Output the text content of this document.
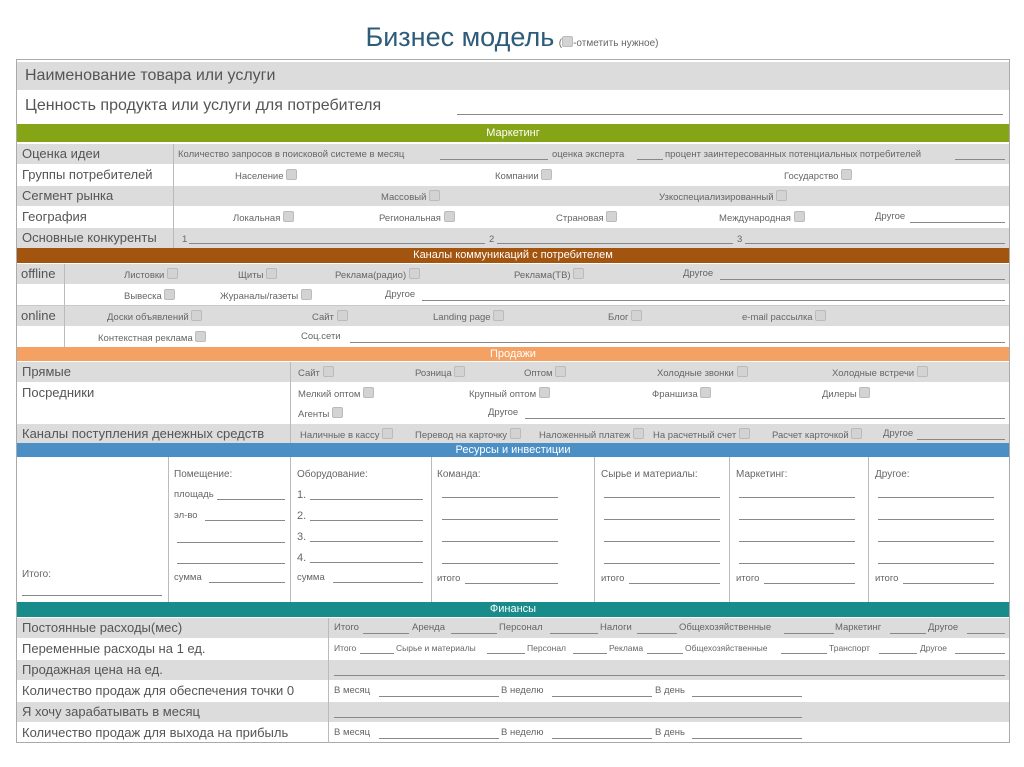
Бизнес модель ( -отметить нужное)
Наименование товара или услуги
Ценность продукта или услуги для потребителя
Маркетинг
Оценка идеи	Количество запросов в поисковой системе в месяц	оценка эксперта	процент заинтересованных потенциальных потребителей
Группы потребителей	Население	Компании	Государство
Сегмент рынка	Массовый	Узкоспециализированный
География	Локальная	Региональная	Страновая	Международная	Другое
Основные конкуренты	1	2	3
Каналы коммуникаций с потребителем
offline	Листовки	Щиты	Реклама(радио)	Реклама(ТВ)	Другое
Вывеска	Жураналы/газеты	Другое
online	Доски объявлений	Сайт	Landing page	Блог	e-mail рассылка
Контекстная реклама	Соц.сети
Продажи
Прямые	Сайт	Розница	Оптом	Холодные звонки	Холодные встречи
Посредники	Мелкий оптом	Крупный оптом	Франшиза	Дилеры
Агенты	Другое
Каналы поступления денежных средств	Наличные в кассу	Перевод на карточку	Наложенный платеж	На расчетный счет	Расчет карточкой	Другое
Ресурсы и инвестиции
Итого:
Помещение:
площадь
эл-во
сумма
Оборудование:
1.
2.
3.
4.
сумма
Команда:
итого
Сырье и материалы:
итого
Маркетинг:
итого
Другое:
итого
Финансы
Постоянные расходы(мес)	Итого	Аренда	Персонал	Налоги	Общехозяйственные	Маркетинг	Другое
Переменные расходы на 1 ед.	Итого	Сырье и материалы	Персонал	Реклама	Общехозяйственные	Транспорт	Другое
Продажная цена на ед.
Количество продаж для обеспечения точки 0	В месяц	В неделю	В день
Я хочу зарабатывать в месяц
Количество продаж для выхода на прибыль	В месяц	В неделю	В день
